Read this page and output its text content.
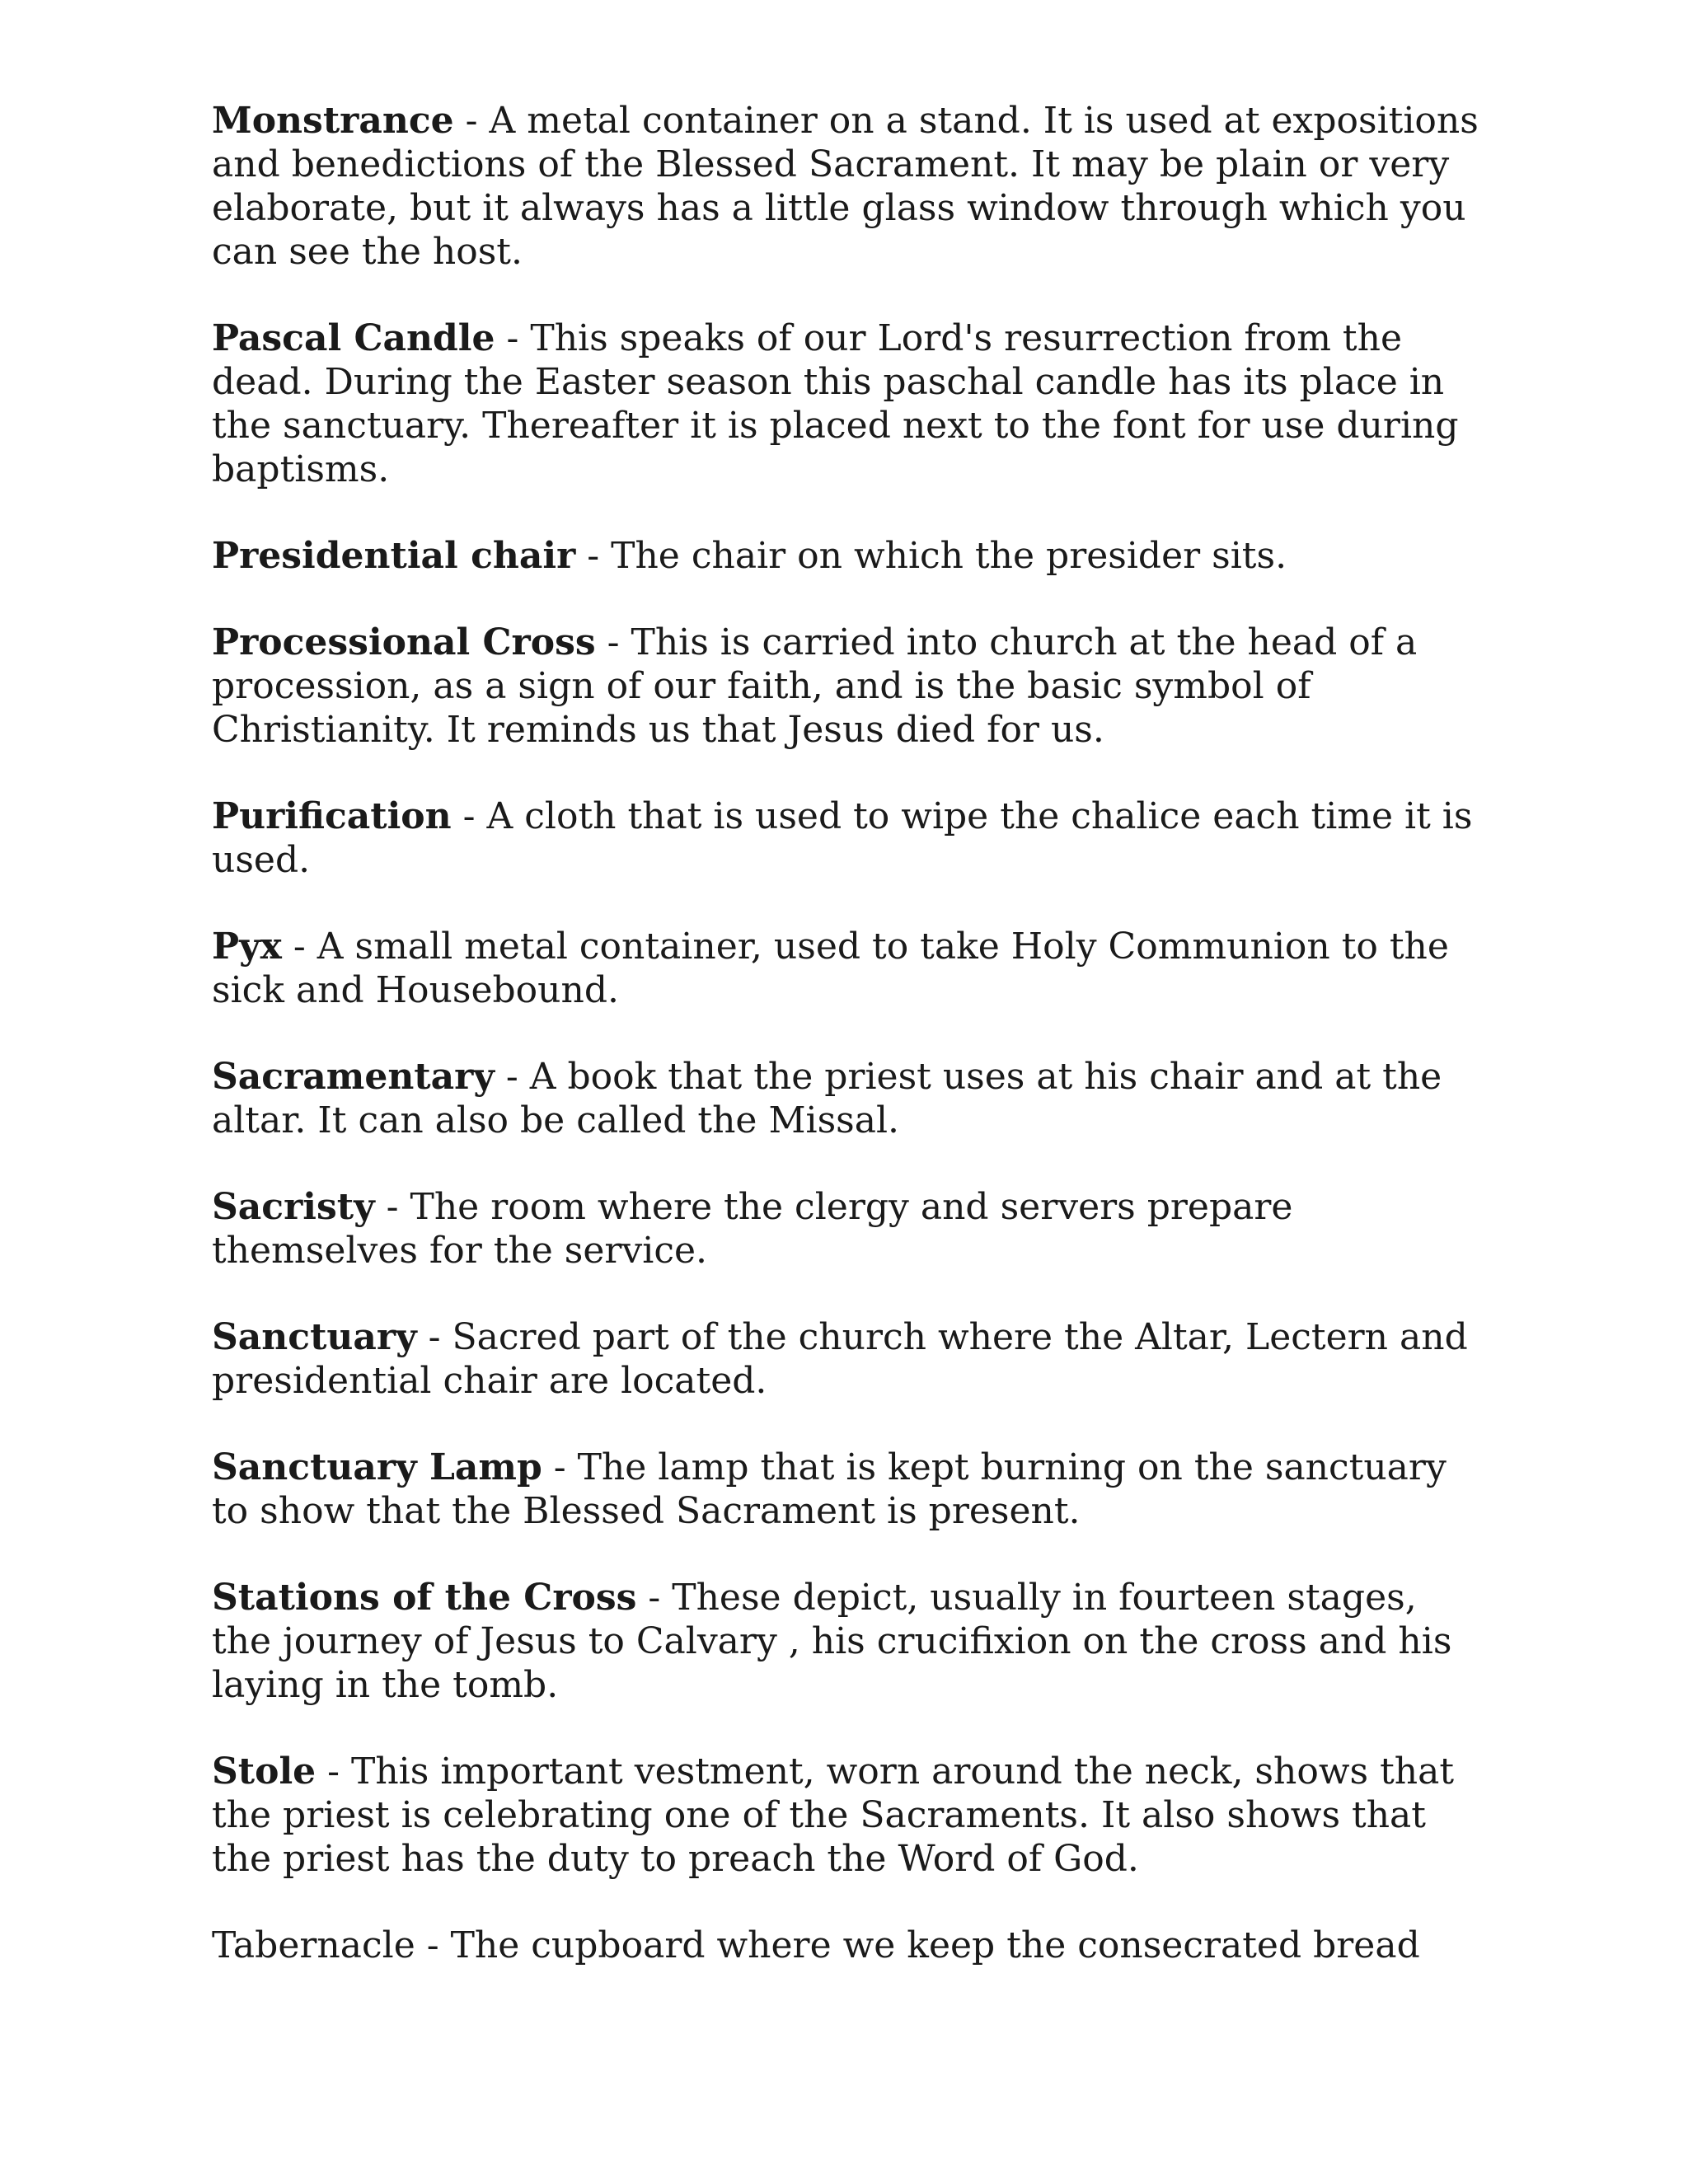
Monstrance - A metal container on a stand. It is used at expositions and benedictions of the Blessed Sacrament. It may be plain or very elaborate, but it always has a little glass window through which you can see the host.

Pascal Candle - This speaks of our Lord's resurrection from the dead. During the Easter season this paschal candle has its place in the sanctuary. Thereafter it is placed next to the font for use during baptisms.

Presidential chair - The chair on which the presider sits.

Processional Cross - This is carried into church at the head of a procession, as a sign of our faith, and is the basic symbol of Christianity. It reminds us that Jesus died for us.

Purification - A cloth that is used to wipe the chalice each time it is used.

Pyx - A small metal container, used to take Holy Communion to the sick and Housebound.

Sacramentary - A book that the priest uses at his chair and at the altar. It can also be called the Missal.

Sacristy - The room where the clergy and servers prepare themselves for the service.

Sanctuary - Sacred part of the church where the Altar, Lectern and presidential chair are located.

Sanctuary Lamp - The lamp that is kept burning on the sanctuary to show that the Blessed Sacrament is present.

Stations of the Cross - These depict, usually in fourteen stages, the journey of Jesus to Calvary , his crucifixion on the cross and his laying in the tomb.

Stole - This important vestment, worn around the neck, shows that the priest is celebrating one of the Sacraments. It also shows that the priest has the duty to preach the Word of God.

Tabernacle - The cupboard where we keep the consecrated bread
